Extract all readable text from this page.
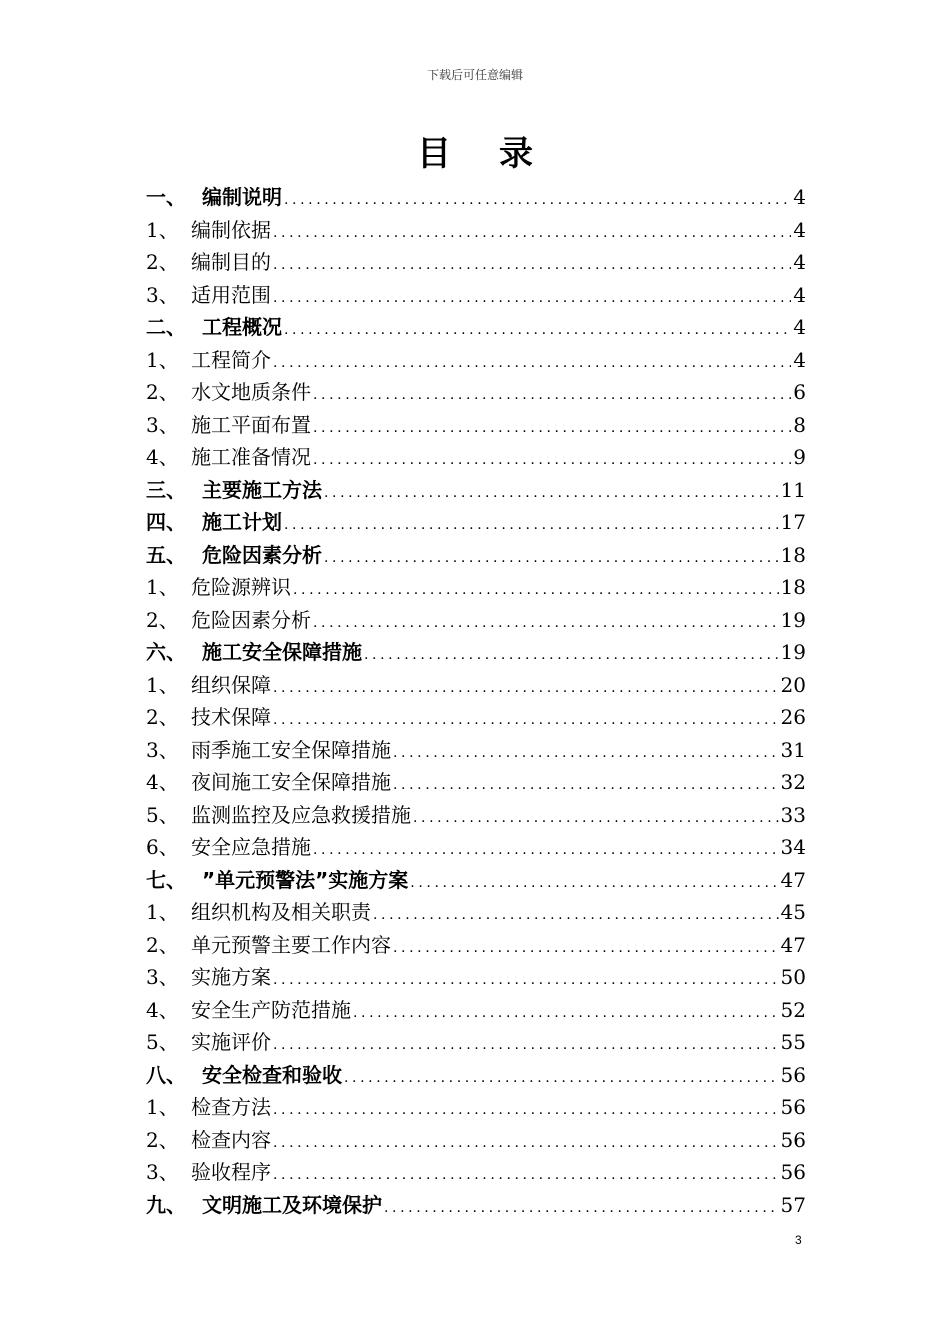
下载后可任意编辑
目录
一、 编制说明 .....	4
1、 编制依据 .....	4
2、 编制目的 .....	4
3、 适用范围 .....	4
二、 工程概况 .....	4
1、 工程简介 .....	4
2、 水文地质条件 .....	6
3、 施工平面布置 .....	8
4、 施工准备情况 .....	9
三、 主要施工方法 .....	11
四、 施工计划 .....	17
五、 危险因素分析 .....	18
1、 危险源辨识 .....	18
2、 危险因素分析 .....	19
六、 施工安全保障措施 .....	19
1、 组织保障 .....	20
2、 技术保障 .....	26
3、 雨季施工安全保障措施 .....	31
4、 夜间施工安全保障措施 .....	32
5、 监测监控及应急救援措施 .....	33
6、 安全应急措施 .....	34
七、 ”单元预警法”实施方案 .....	47
1、 组织机构及相关职责 .....	45
2、 单元预警主要工作内容 .....	47
3、 实施方案 .....	50
4、 安全生产防范措施 .....	52
5、 实施评价 .....	55
八、 安全检查和验收 .....	56
1、 检查方法 .....	56
2、 检查内容 .....	56
3、 验收程序 .....	56
九、 文明施工及环境保护 .....	57
3
